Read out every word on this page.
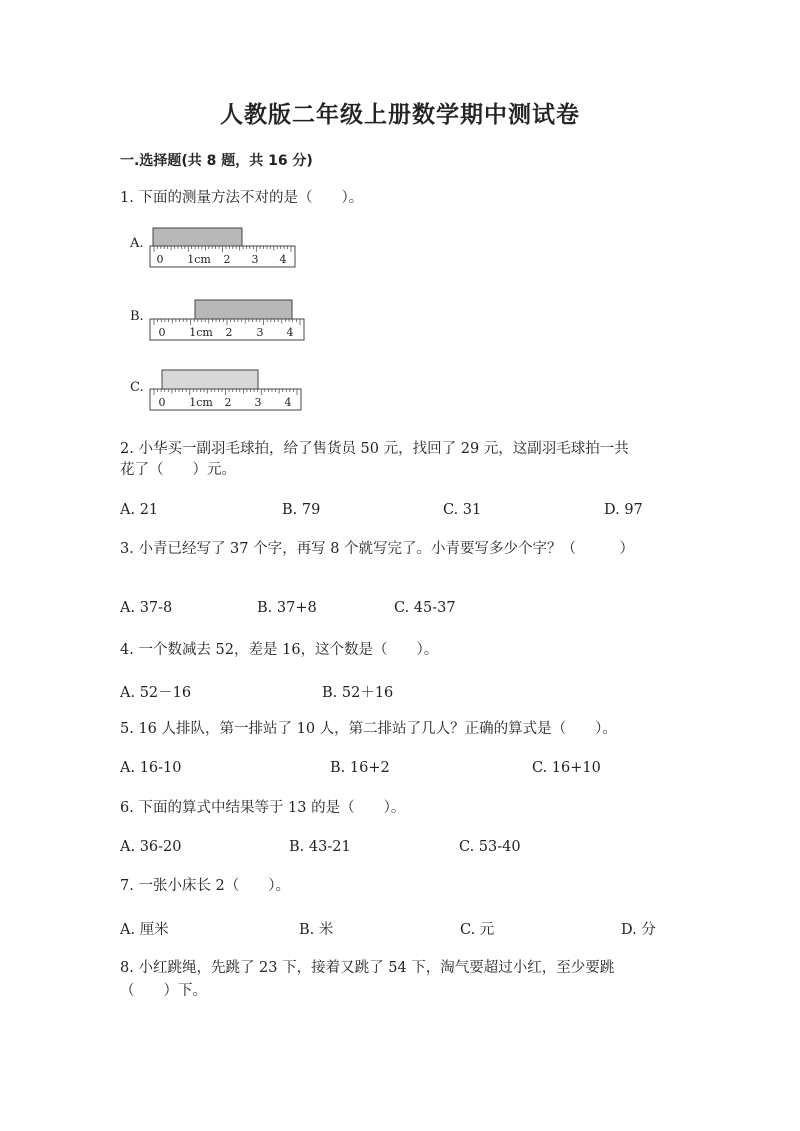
人教版二年级上册数学期中测试卷
一.选择题(共 8 题，共 16 分)
1. 下面的测量方法不对的是（　　）。
A.
0 1cm 2 3 4
B.
0 1cm 2 3 4
C.
0 1cm 2 3 4
2. 小华买一副羽毛球拍，给了售货员 50 元，找回了 29 元，这副羽毛球拍一共
花了（　　）元。
A. 21	B. 79	C. 31	D. 97
3. 小青已经写了 37 个字，再写 8 个就写完了。小青要写多少个字？（　　　）
A. 37-8	B. 37+8	C. 45-37
4. 一个数减去 52，差是 16，这个数是（　　）。
A. 52－16	B. 52＋16
5. 16 人排队，第一排站了 10 人，第二排站了几人？正确的算式是（　　）。
A. 16-10	B. 16+2	C. 16+10
6. 下面的算式中结果等于 13 的是（　　）。
A. 36-20	B. 43-21	C. 53-40
7. 一张小床长 2（　　）。
A. 厘米	B. 米	C. 元	D. 分
8. 小红跳绳，先跳了 23 下，接着又跳了 54 下，淘气要超过小红，至少要跳
（　　）下。
